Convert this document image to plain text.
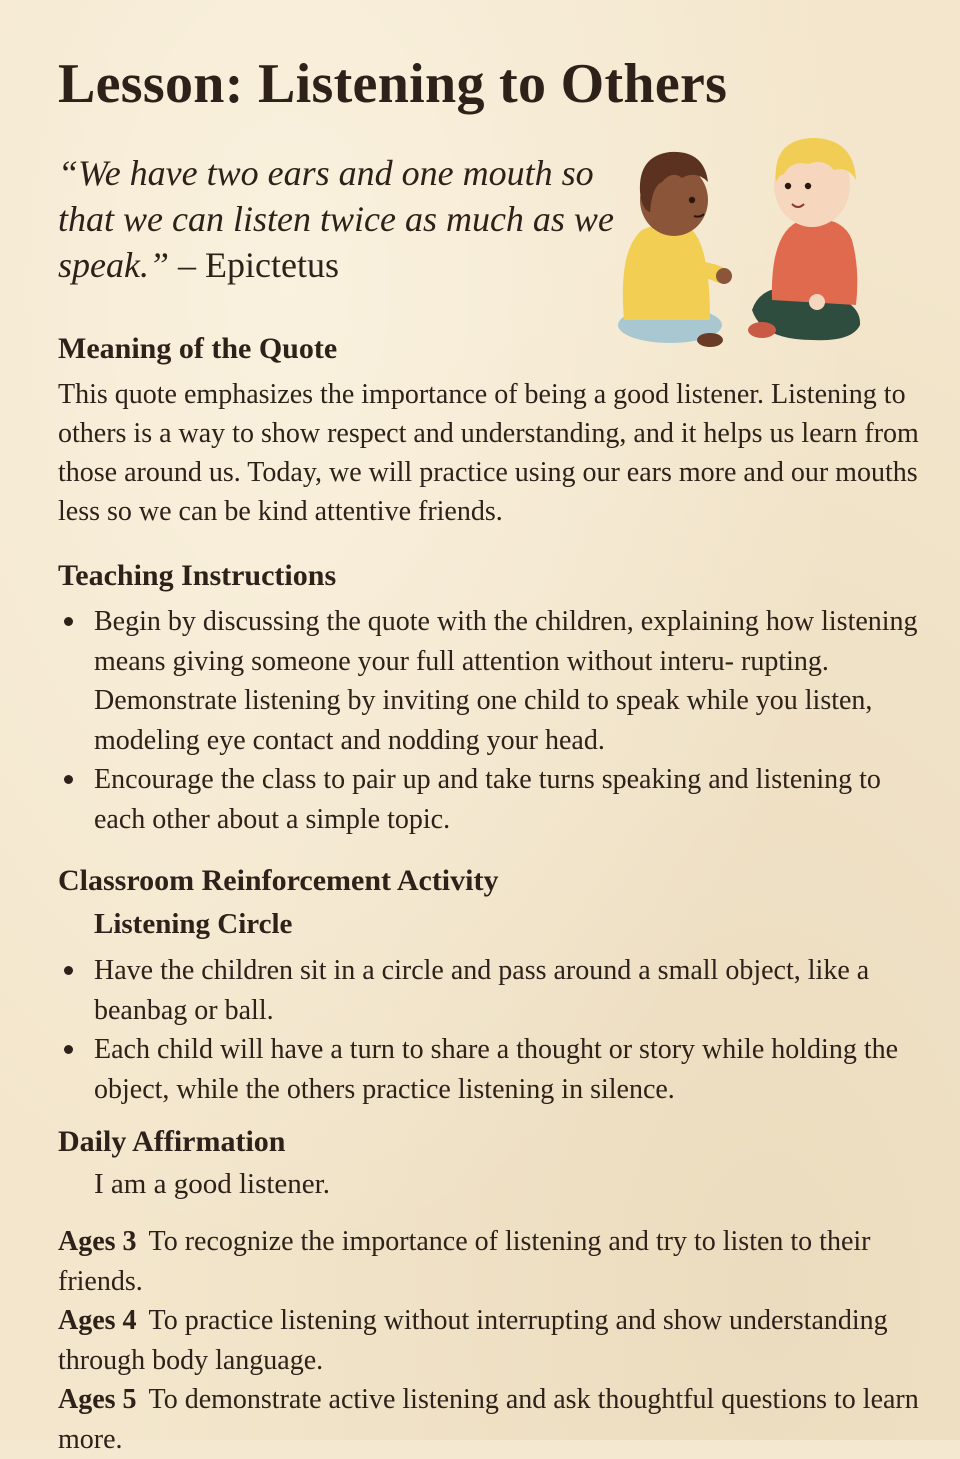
Lesson: Listening to Others

“We have two ears and one mouth so that we can listen twice as much as we speak.” – Epictetus

Meaning of the Quote

This quote emphasizes the importance of being a good listener. Listening to others is a way to show respect and understanding, and it helps us learn from those around us. Today, we will practice using our ears more and our mouths less so we can be kind attentive friends.

Teaching Instructions
Begin by discussing the quote with the children, explaining how listening means giving someone your full attention without interu- rupting. Demonstrate listening by inviting one child to speak while you listen, modeling eye contact and nodding your head.
Encourage the class to pair up and take turns speaking and listening to each other about a simple topic.
Classroom Reinforcement Activity
Listening Circle
Have the children sit in a circle and pass around a small object, like a beanbag or ball.
Each child will have a turn to share a thought or story while holding the object, while the others practice listening in silence.
Daily Affirmation

I am a good listener.

Ages 3 To recognize the importance of listening and try to listen to their friends.

Ages 4 To practice listening without interrupting and show understanding through body language.

Ages 5 To demonstrate active listening and ask thoughtful questions to learn more.
